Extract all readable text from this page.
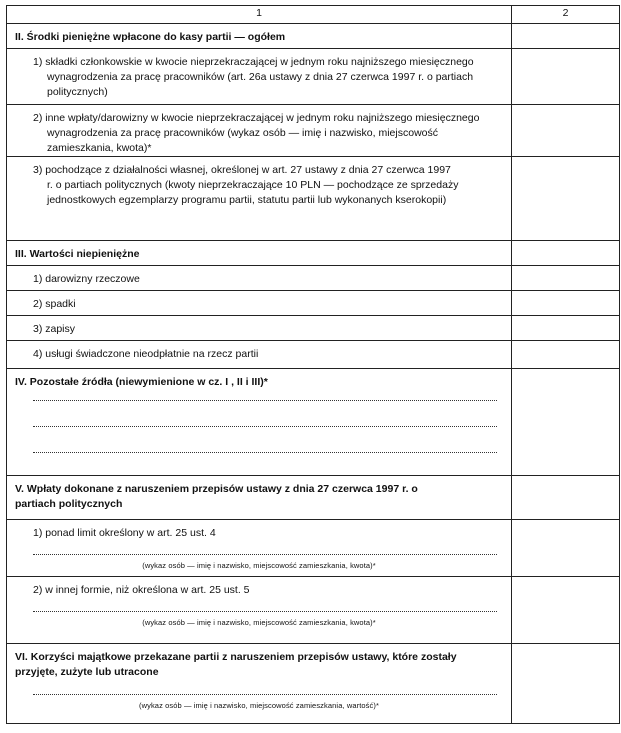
1	2
II. Środki pieniężne wpłacone do kasy partii — ogółem	

1) składki członkowskie w kwocie nieprzekraczającej w jednym roku najniższego miesięcznego wynagrodzenia za pracę pracowników (art. 26a ustawy z dnia 27 czerwca 1997 r. o partiach politycznych)	

2) inne wpłaty/darowizny w kwocie nieprzekraczającej w jednym roku najniższego miesięcznego wynagrodzenia za pracę pracowników (wykaz osób — imię i nazwisko, miejscowość zamieszkania, kwota)*	

3) pochodzące z działalności własnej, określonej w art. 27 ustawy z dnia 27 czerwca 1997 r. o partiach politycznych (kwoty nieprzekraczające 10 PLN — pochodzące ze sprzedaży jednostkowych egzemplarzy programu partii, statutu partii lub wykonanych kserokopii)	

III. Wartości niepieniężne	
1) darowizny rzeczowe	
2) spadki	
3) zapisy	
4) usługi świadczone nieodpłatnie na rzecz partii	

IV. Pozostałe źródła (niewymienione w cz. I , II i III)*	

V. Wpłaty dokonane z naruszeniem przepisów ustawy z dnia 27 czerwca 1997 r. o partiach politycznych	

1) ponad limit określony w art. 25 ust. 4
(wykaz osób — imię i nazwisko, miejscowość zamieszkania, kwota)*	

2) w innej formie, niż określona w art. 25 ust. 5
(wykaz osób — imię i nazwisko, miejscowość zamieszkania, kwota)*	

VI. Korzyści majątkowe przekazane partii z naruszeniem przepisów ustawy, które zostały przyjęte, zużyte lub utracone
(wykaz osób — imię i nazwisko, miejscowość zamieszkania, wartość)*	
